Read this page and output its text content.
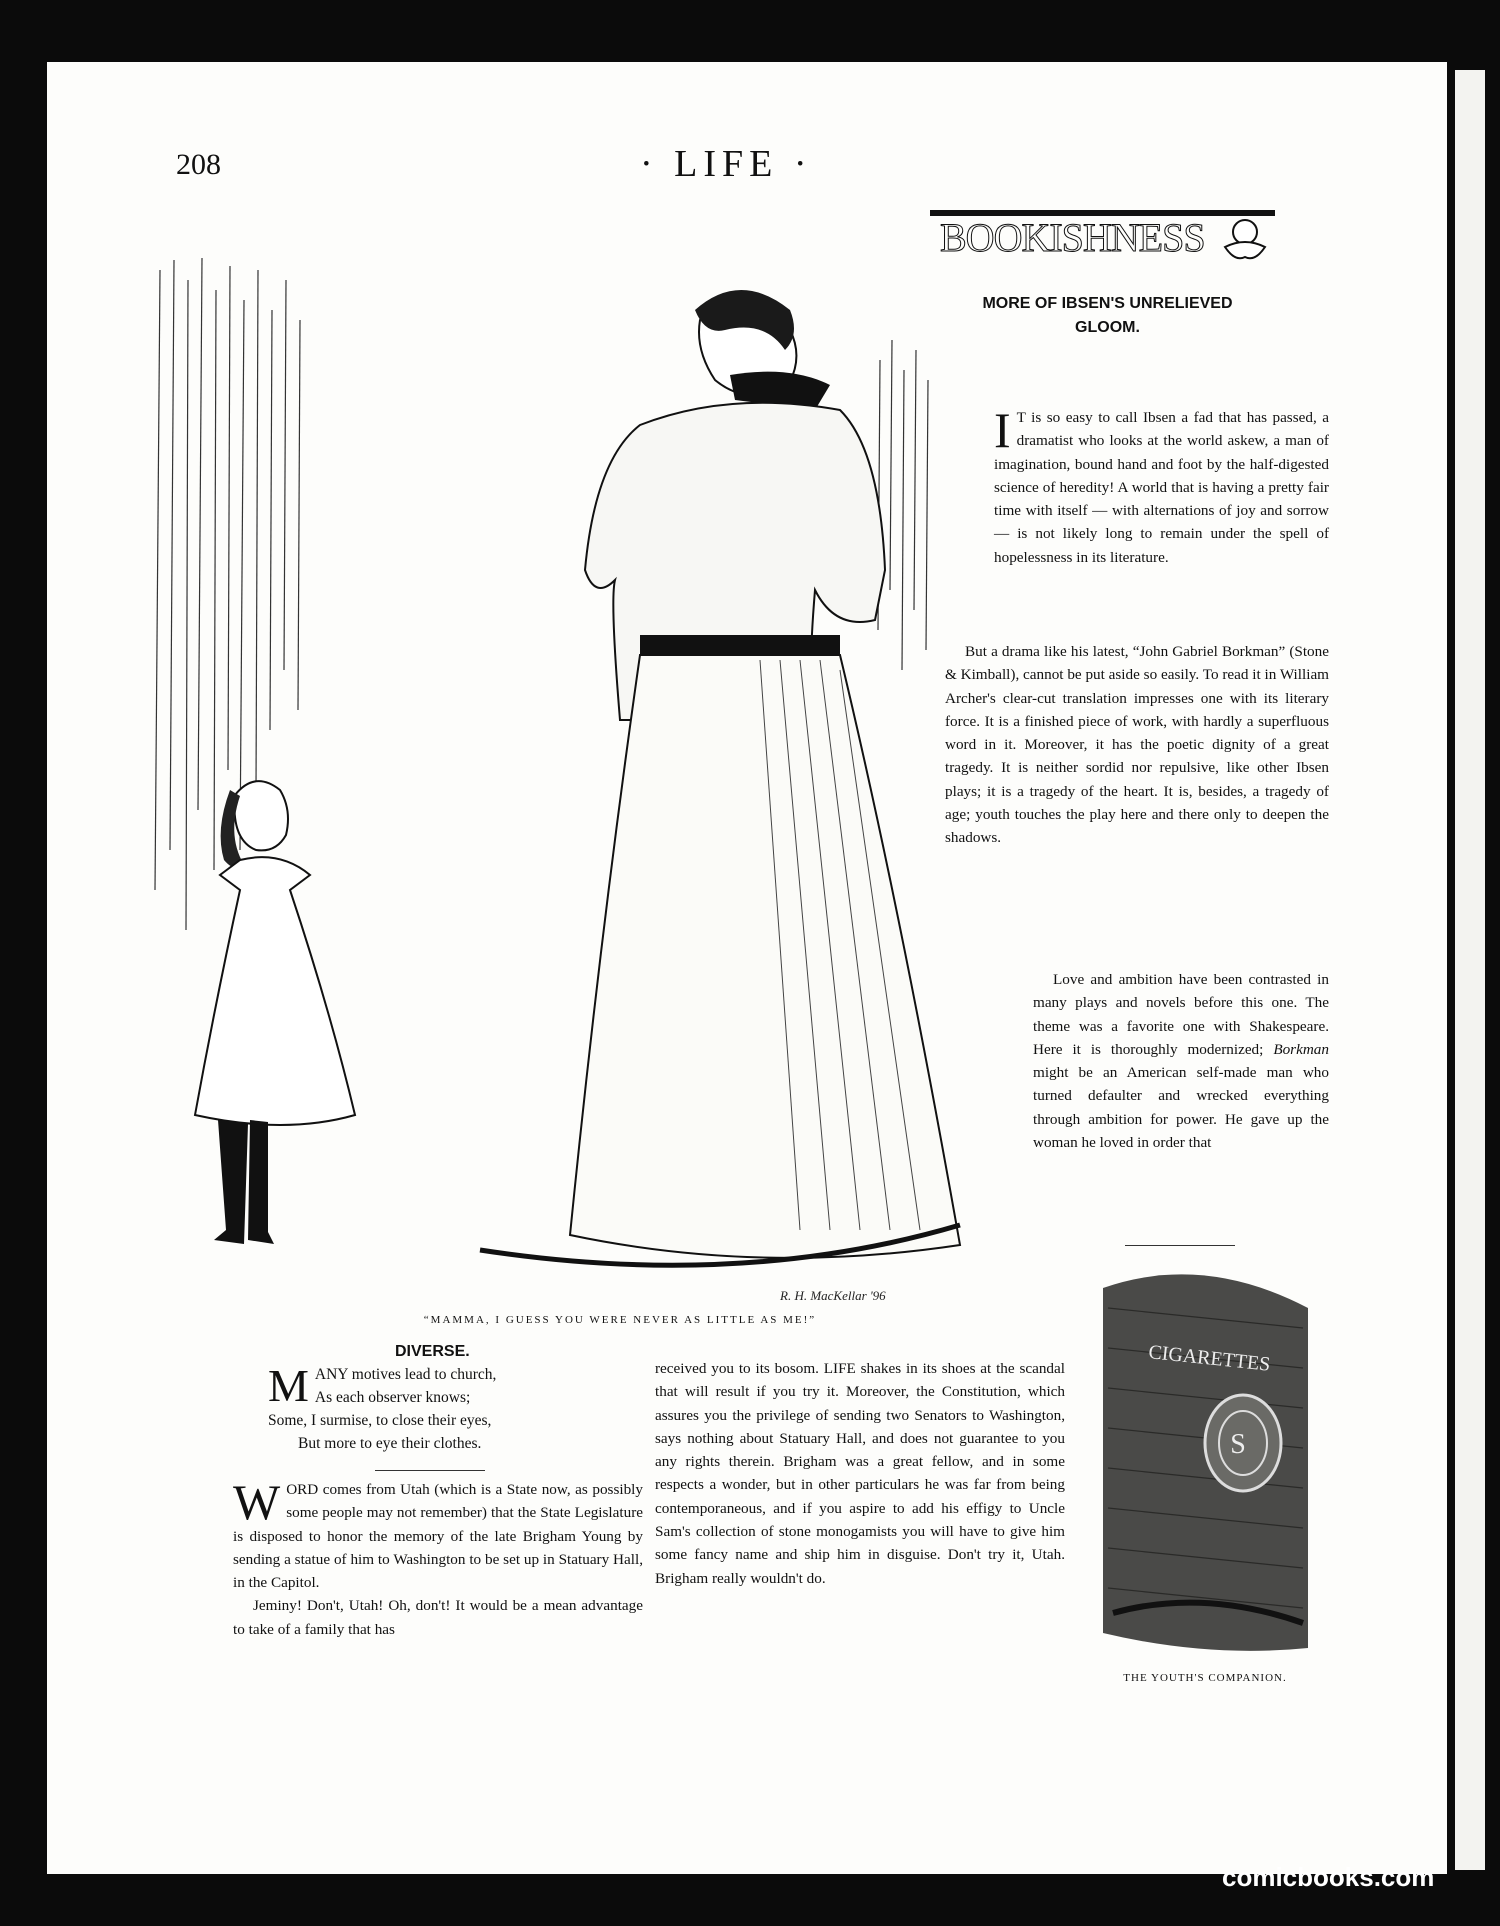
208	· LIFE ·
R. H. MacKellar '96
BOOKISHNESS
MORE OF IBSEN'S UNRELIEVED
GLOOM.
I T is so easy to call Ibsen a fad that has passed, a dramatist who looks at the world askew, a man of imagination, bound hand and foot by the half-digested science of heredity! A world that is having a pretty fair time with itself — with alternations of joy and sorrow — is not likely long to remain under the spell of hopelessness in its literature.

But a drama like his latest, “John Gabriel Borkman” (Stone & Kimball), cannot be put aside so easily. To read it in William Archer's clear-cut translation impresses one with its literary force. It is a finished piece of work, with hardly a superfluous word in it. Moreover, it has the poetic dignity of a great tragedy. It is neither sordid nor repulsive, like other Ibsen plays; it is a tragedy of the heart. It is, besides, a tragedy of age; youth touches the play here and there only to deepen the shadows.

Love and ambition have been contrasted in many plays and novels before this one. The theme was a favorite one with Shakespeare. Here it is thoroughly modernized; Borkman might be an American self-made man who turned defaulter and wrecked everything through ambition for power. He gave up the woman he loved in order that

“MAMMA, I GUESS YOU WERE NEVER AS LITTLE AS ME!”
DIVERSE.
M ANY motives lead to church,
As each observer knows;
Some, I surmise, to close their eyes,
But more to eye their clothes.
W ORD comes from Utah (which is a State now, as possibly some people may not remember) that the State Legislature is disposed to honor the memory of the late Brigham Young by sending a statue of him to Washington to be set up in Statuary Hall, in the Capitol.

Jeminy! Don't, Utah! Oh, don't! It would be a mean advantage to take of a family that has

received you to its bosom. LIFE shakes in its shoes at the scandal that will result if you try it. Moreover, the Constitution, which assures you the privilege of sending two Senators to Washington, says nothing about Statuary Hall, and does not guarantee to you any rights therein. Brigham was a great fellow, and in some respects a wonder, but in other particulars he was far from being contemporaneous, and if you aspire to add his effigy to Uncle Sam's collection of stone monogamists you will have to give him some fancy name and ship him in disguise. Don't try it, Utah. Brigham really wouldn't do.

S
CIGARETTES
THE YOUTH'S COMPANION.
comicbooks.com
